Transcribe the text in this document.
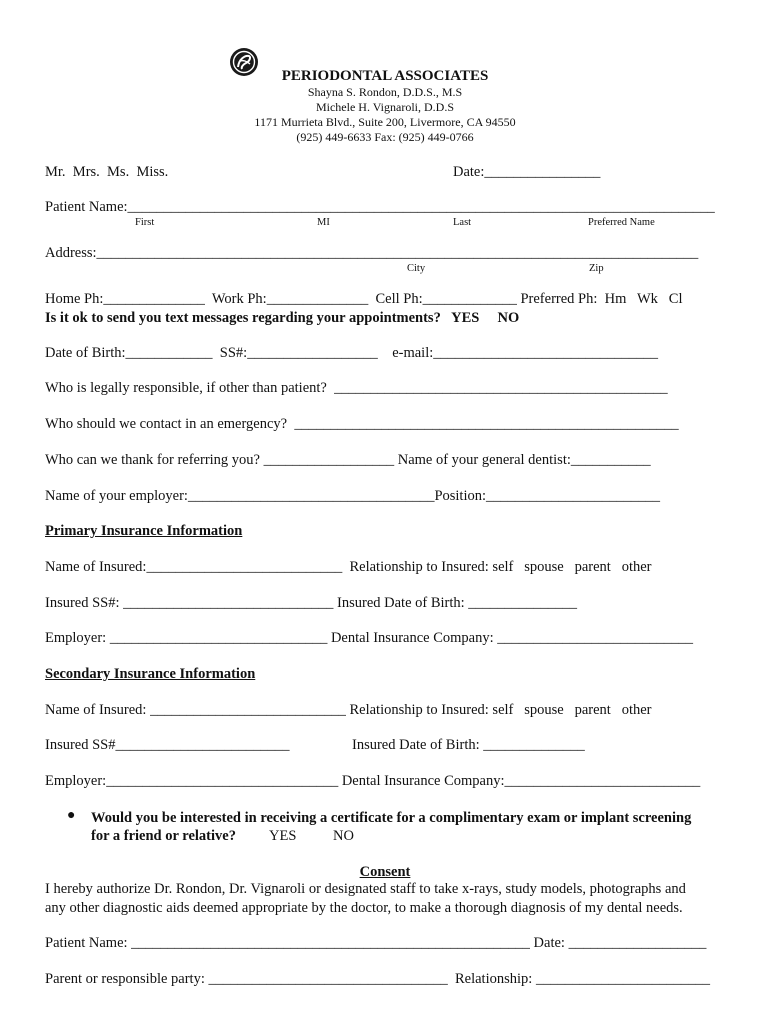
PERIODONTAL ASSOCIATES
Shayna S. Rondon, D.D.S., M.S
Michele H. Vignaroli, D.D.S
1171 Murrieta Blvd., Suite 200, Livermore, CA 94550
(925) 449-6633 Fax: (925) 449-0766
Mr.  Mrs.  Ms.  Miss.	Date:________________
Patient Name:_________________________________________________________________________________
First	MI	Last	Preferred Name
Address:___________________________________________________________________________________
City	Zip
Home Ph:______________  Work Ph:______________  Cell Ph:_____________ Preferred Ph:  Hm   Wk   Cl
Is it ok to send you text messages regarding your appointments?   YES     NO
Date of Birth:____________  SS#:__________________    e-mail:_______________________________
Who is legally responsible, if other than patient?  ______________________________________________
Who should we contact in an emergency?  _____________________________________________________
Who can we thank for referring you? __________________ Name of your general dentist:___________
Name of your employer:__________________________________Position:________________________
Primary Insurance Information
Name of Insured:___________________________  Relationship to Insured: self   spouse   parent   other
Insured SS#: _____________________________ Insured Date of Birth: _______________
Employer: ______________________________ Dental Insurance Company: ___________________________
Secondary Insurance Information
Name of Insured: ___________________________ Relationship to Insured: self   spouse   parent   other
Insured SS#________________________	Insured Date of Birth: ______________
Employer:________________________________ Dental Insurance Company:___________________________
● Would you be interested in receiving a certificate for a complimentary exam or implant screening
for a friend or relative? YES	NO
Consent
I hereby authorize Dr. Rondon, Dr. Vignaroli or designated staff to take x-rays, study models, photographs and
any other diagnostic aids deemed appropriate by the doctor, to make a thorough diagnosis of my dental needs.
Patient Name: _______________________________________________________ Date: ___________________
Parent or responsible party: _________________________________  Relationship: ________________________
